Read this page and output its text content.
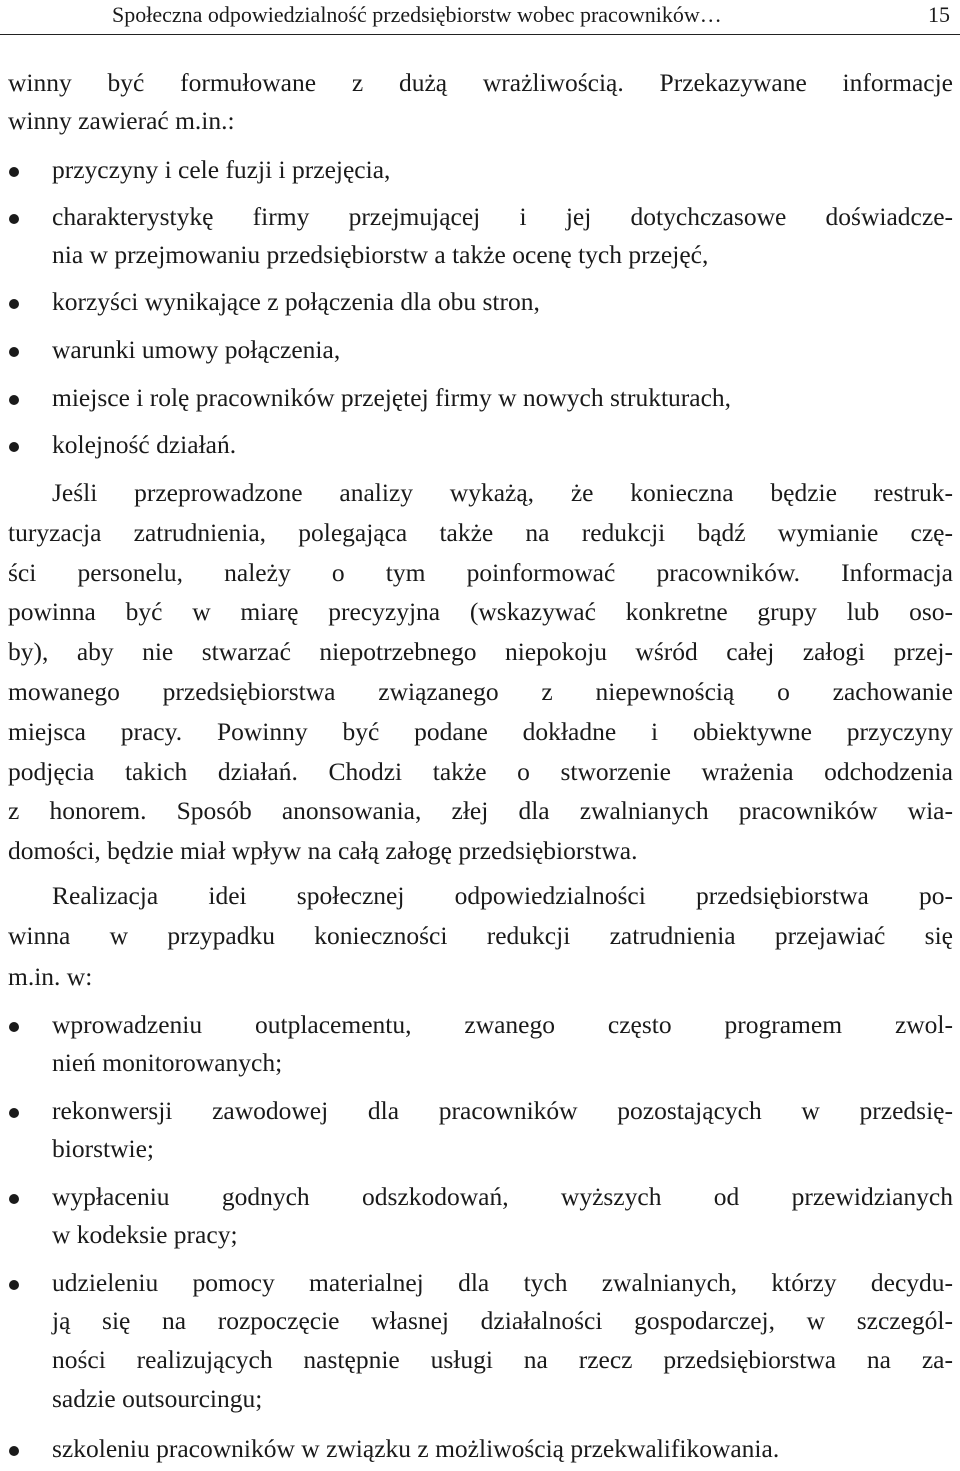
Społeczna odpowiedzialność przedsiębiorstw wobec pracowników…	15
winny być formułowane z dużą wrażliwością. Przekazywane informacje
winny zawierać m.in.:
przyczyny i cele fuzji i przejęcia,
charakterystykę firmy przejmującej i jej dotychczasowe doświadcze-
nia w przejmowaniu przedsiębiorstw a także ocenę tych przejęć,
korzyści wynikające z połączenia dla obu stron,
warunki umowy połączenia,
miejsce i rolę pracowników przejętej firmy w nowych strukturach,
kolejność działań.
Jeśli przeprowadzone analizy wykażą, że konieczna będzie restruk-
turyzacja zatrudnienia, polegająca także na redukcji bądź wymianie czę-
ści personelu, należy o tym poinformować pracowników. Informacja
powinna być w miarę precyzyjna (wskazywać konkretne grupy lub oso-
by), aby nie stwarzać niepotrzebnego niepokoju wśród całej załogi przej-
mowanego przedsiębiorstwa związanego z niepewnością o zachowanie
miejsca pracy. Powinny być podane dokładne i obiektywne przyczyny
podjęcia takich działań. Chodzi także o stworzenie wrażenia odchodzenia
z honorem. Sposób anonsowania, złej dla zwalnianych pracowników wia-
domości, będzie miał wpływ na całą załogę przedsiębiorstwa.
Realizacja idei społecznej odpowiedzialności przedsiębiorstwa po-
winna w przypadku konieczności redukcji zatrudnienia przejawiać się
m.in. w:
wprowadzeniu outplacementu, zwanego często programem zwol-
nień monitorowanych;
rekonwersji zawodowej dla pracowników pozostających w przedsię-
biorstwie;
wypłaceniu godnych odszkodowań, wyższych od przewidzianych
w kodeksie pracy;
udzieleniu pomocy materialnej dla tych zwalnianych, którzy decydu-
ją się na rozpoczęcie własnej działalności gospodarczej, w szczegól-
ności realizujących następnie usługi na rzecz przedsiębiorstwa na za-
sadzie outsourcingu;
szkoleniu pracowników w związku z możliwością przekwalifikowania.
